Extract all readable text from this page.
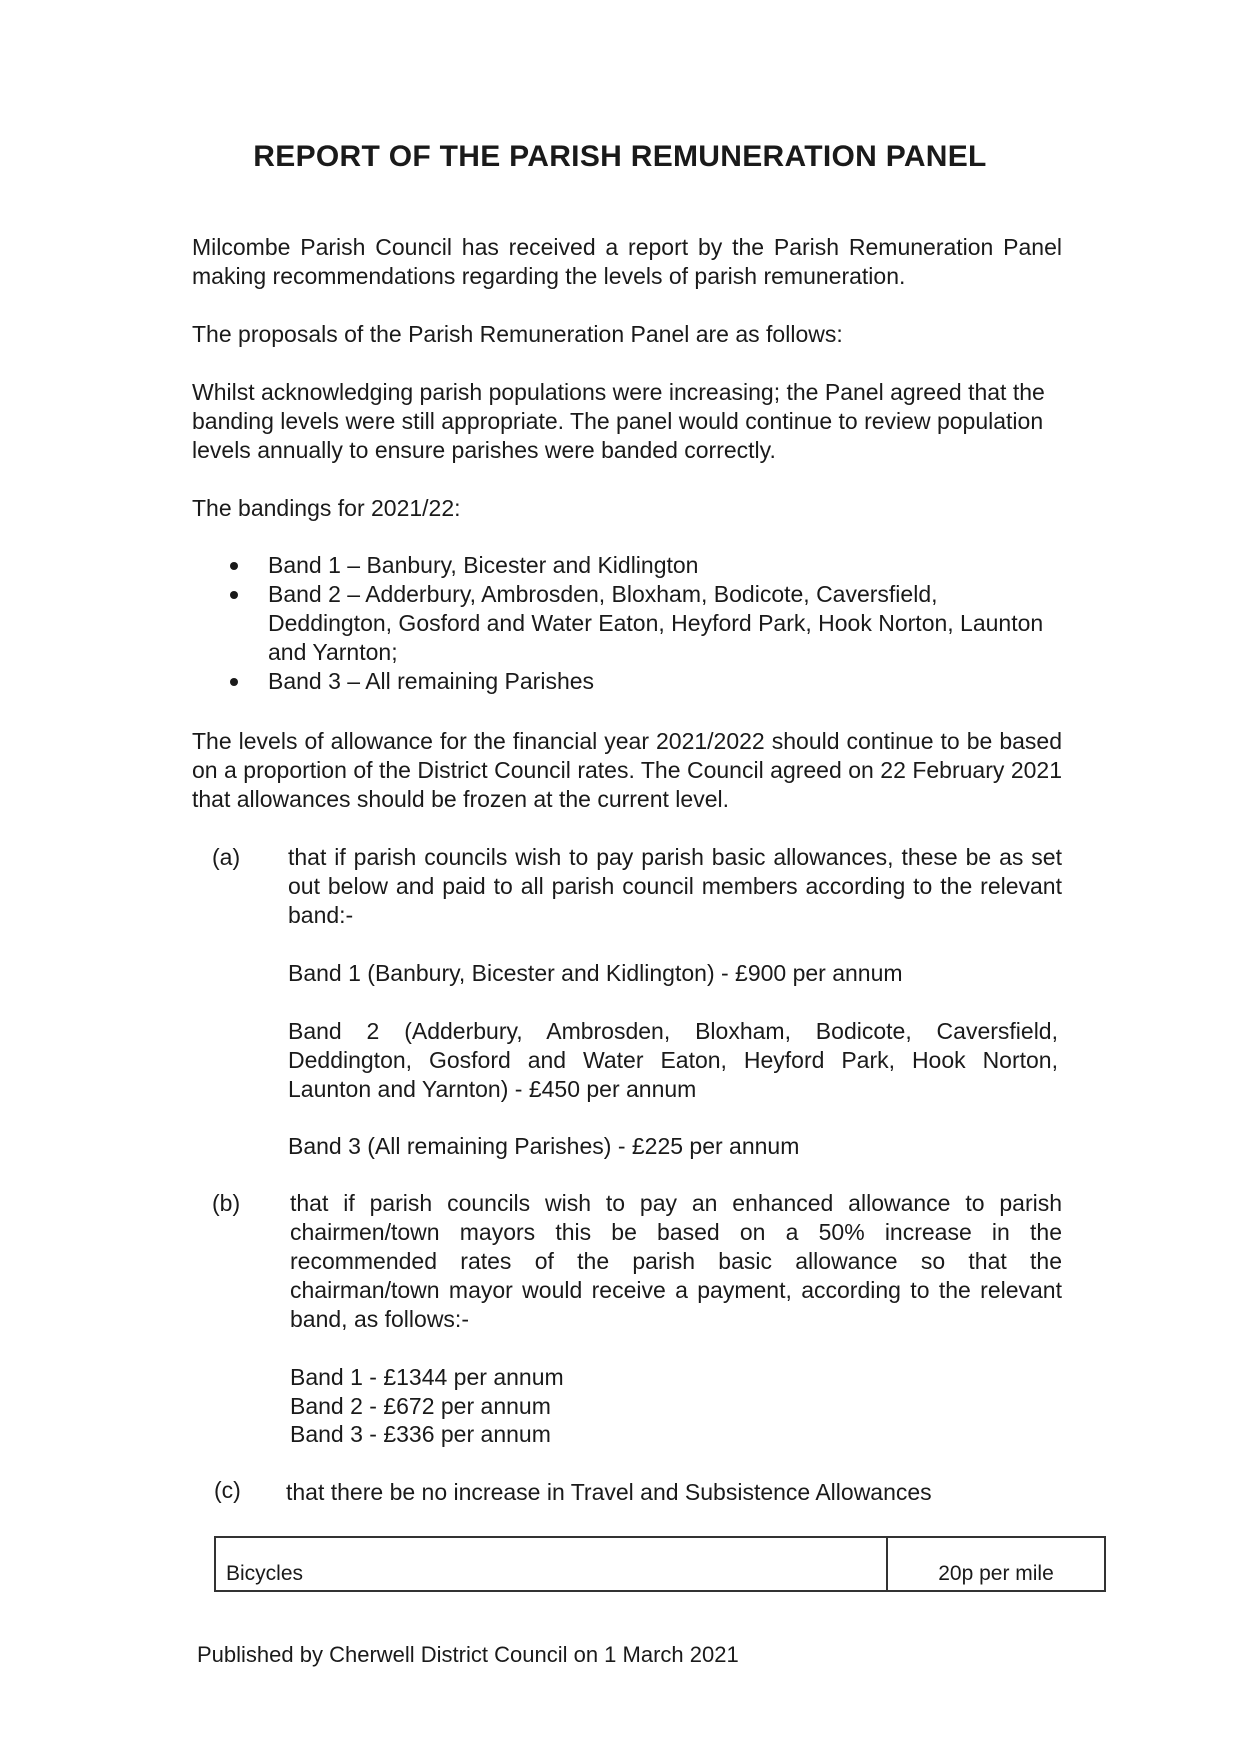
REPORT OF THE PARISH REMUNERATION PANEL

Milcombe Parish Council has received a report by the Parish Remuneration Panel making recommendations regarding the levels of parish remuneration.

The proposals of the Parish Remuneration Panel are as follows:

Whilst acknowledging parish populations were increasing; the Panel agreed that the banding levels were still appropriate. The panel would continue to review population levels annually to ensure parishes were banded correctly.

The bandings for 2021/22:

Band 1 – Banbury, Bicester and Kidlington
Band 2 – Adderbury, Ambrosden, Bloxham, Bodicote, Caversfield, Deddington, Gosford and Water Eaton, Heyford Park, Hook Norton, Launton and Yarnton;
Band 3 – All remaining Parishes

The levels of allowance for the financial year 2021/2022 should continue to be based on a proportion of the District Council rates. The Council agreed on 22 February 2021 that allowances should be frozen at the current level.

(a) that if parish councils wish to pay parish basic allowances, these be as set out below and paid to all parish council members according to the relevant band:-

Band 1 (Banbury, Bicester and Kidlington) - £900 per annum

Band 2 (Adderbury, Ambrosden, Bloxham, Bodicote, Caversfield, Deddington, Gosford and Water Eaton, Heyford Park, Hook Norton, Launton and Yarnton) - £450 per annum

Band 3 (All remaining Parishes) - £225 per annum

(b) that if parish councils wish to pay an enhanced allowance to parish chairmen/town mayors this be based on a 50% increase in the recommended rates of the parish basic allowance so that the chairman/town mayor would receive a payment, according to the relevant band, as follows:-

Band 1 - £1344 per annum

Band 2 - £672 per annum

Band 3 - £336 per annum

(c) that there be no increase in Travel and Subsistence Allowances

Bicycles	20p per mile
Published by Cherwell District Council on 1 March 2021
